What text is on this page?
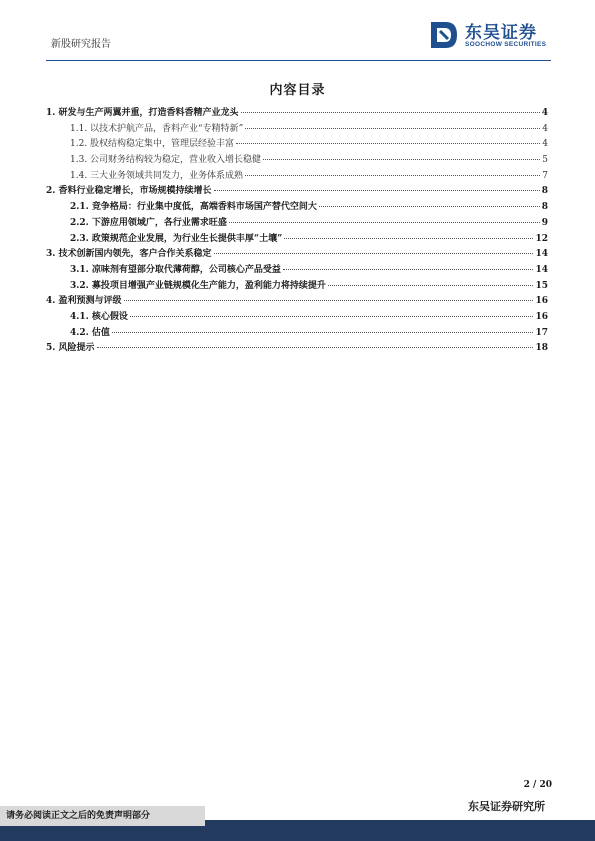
新股研究报告
东吴证券
SOOCHOW SECURITIES
内容目录
1. 研发与生产两翼并重，打造香料香精产业龙头	4
1.1. 以技术护航产品，香料产业“专精特新”	4
1.2. 股权结构稳定集中，管理层经验丰富	4
1.3. 公司财务结构较为稳定，营业收入增长稳健	5
1.4. 三大业务领域共同发力，业务体系成熟	7
2. 香料行业稳定增长，市场规模持续增长	8
2.1. 竞争格局：行业集中度低，高端香料市场国产替代空间大	8
2.2. 下游应用领域广，各行业需求旺盛	9
2.3. 政策规范企业发展，为行业生长提供丰厚“土壤”	12
3. 技术创新国内领先，客户合作关系稳定	14
3.1. 凉味剂有望部分取代薄荷醇，公司核心产品受益	14
3.2. 募投项目增强产业链规模化生产能力，盈利能力将持续提升	15
4. 盈利预测与评级	16
4.1. 核心假设	16
4.2. 估值	17
5. 风险提示	18
2 / 20
东吴证券研究所
请务必阅读正文之后的免责声明部分
